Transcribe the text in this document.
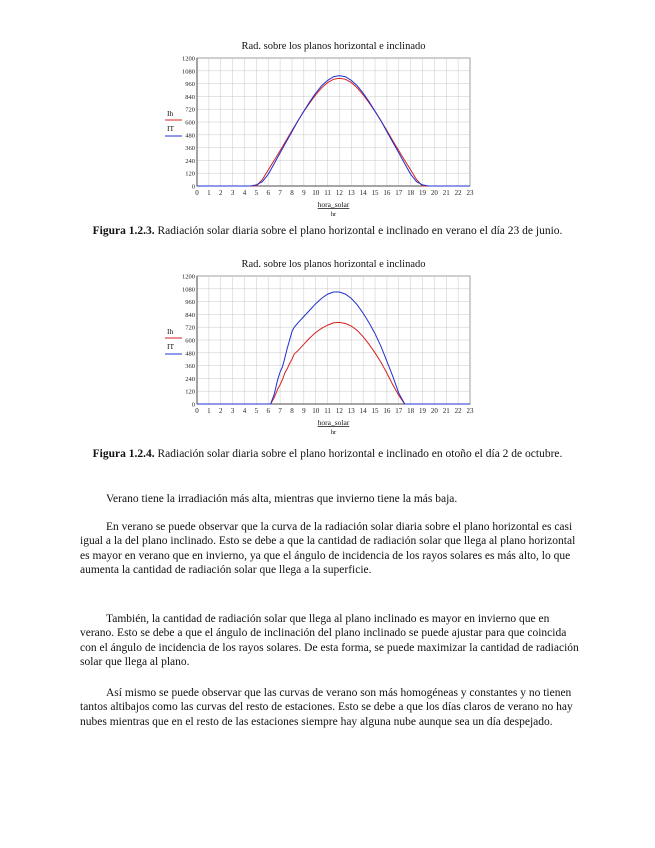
Rad. sobre los planos horizontal e inclinado
0 1 2 3 4 5 6 7 8 9 10 11 12 13 14 15 16 17 18 19 20 21 22 23
0
120
240
360
480
600
720
840
960
1080
1200
hora_solar
hr
Ih
IT
Figura 1.2.3. Radiación solar diaria sobre el plano horizontal e inclinado en verano el día 23 de junio.
Rad. sobre los planos horizontal e inclinado
0 1 2 3 4 5 6 7 8 9 10 11 12 13 14 15 16 17 18 19 20 21 22 23
0
120
240
360
480
600
720
840
960
1080
1200
hora_solar
hr
Ih
IT
Figura 1.2.4. Radiación solar diaria sobre el plano horizontal e inclinado en otoño el día 2 de octubre.

Verano tiene la irradiación más alta, mientras que invierno tiene la más baja.

En verano se puede observar que la curva de la radiación solar diaria sobre el plano horizontal es casi igual a la del plano inclinado. Esto se debe a que la cantidad de radiación solar que llega al plano horizontal es mayor en verano que en invierno, ya que el ángulo de incidencia de los rayos solares es más alto, lo que aumenta la cantidad de radiación solar que llega a la superficie.

También, la cantidad de radiación solar que llega al plano inclinado es mayor en invierno que en verano. Esto se debe a que el ángulo de inclinación del plano inclinado se puede ajustar para que coincida con el ángulo de incidencia de los rayos solares. De esta forma, se puede maximizar la cantidad de radiación solar que llega al plano.

Así mismo se puede observar que las curvas de verano son más homogéneas y constantes y no tienen tantos altibajos como las curvas del resto de estaciones. Esto se debe a que los días claros de verano no hay nubes mientras que en el resto de las estaciones siempre hay alguna nube aunque sea un día despejado.
